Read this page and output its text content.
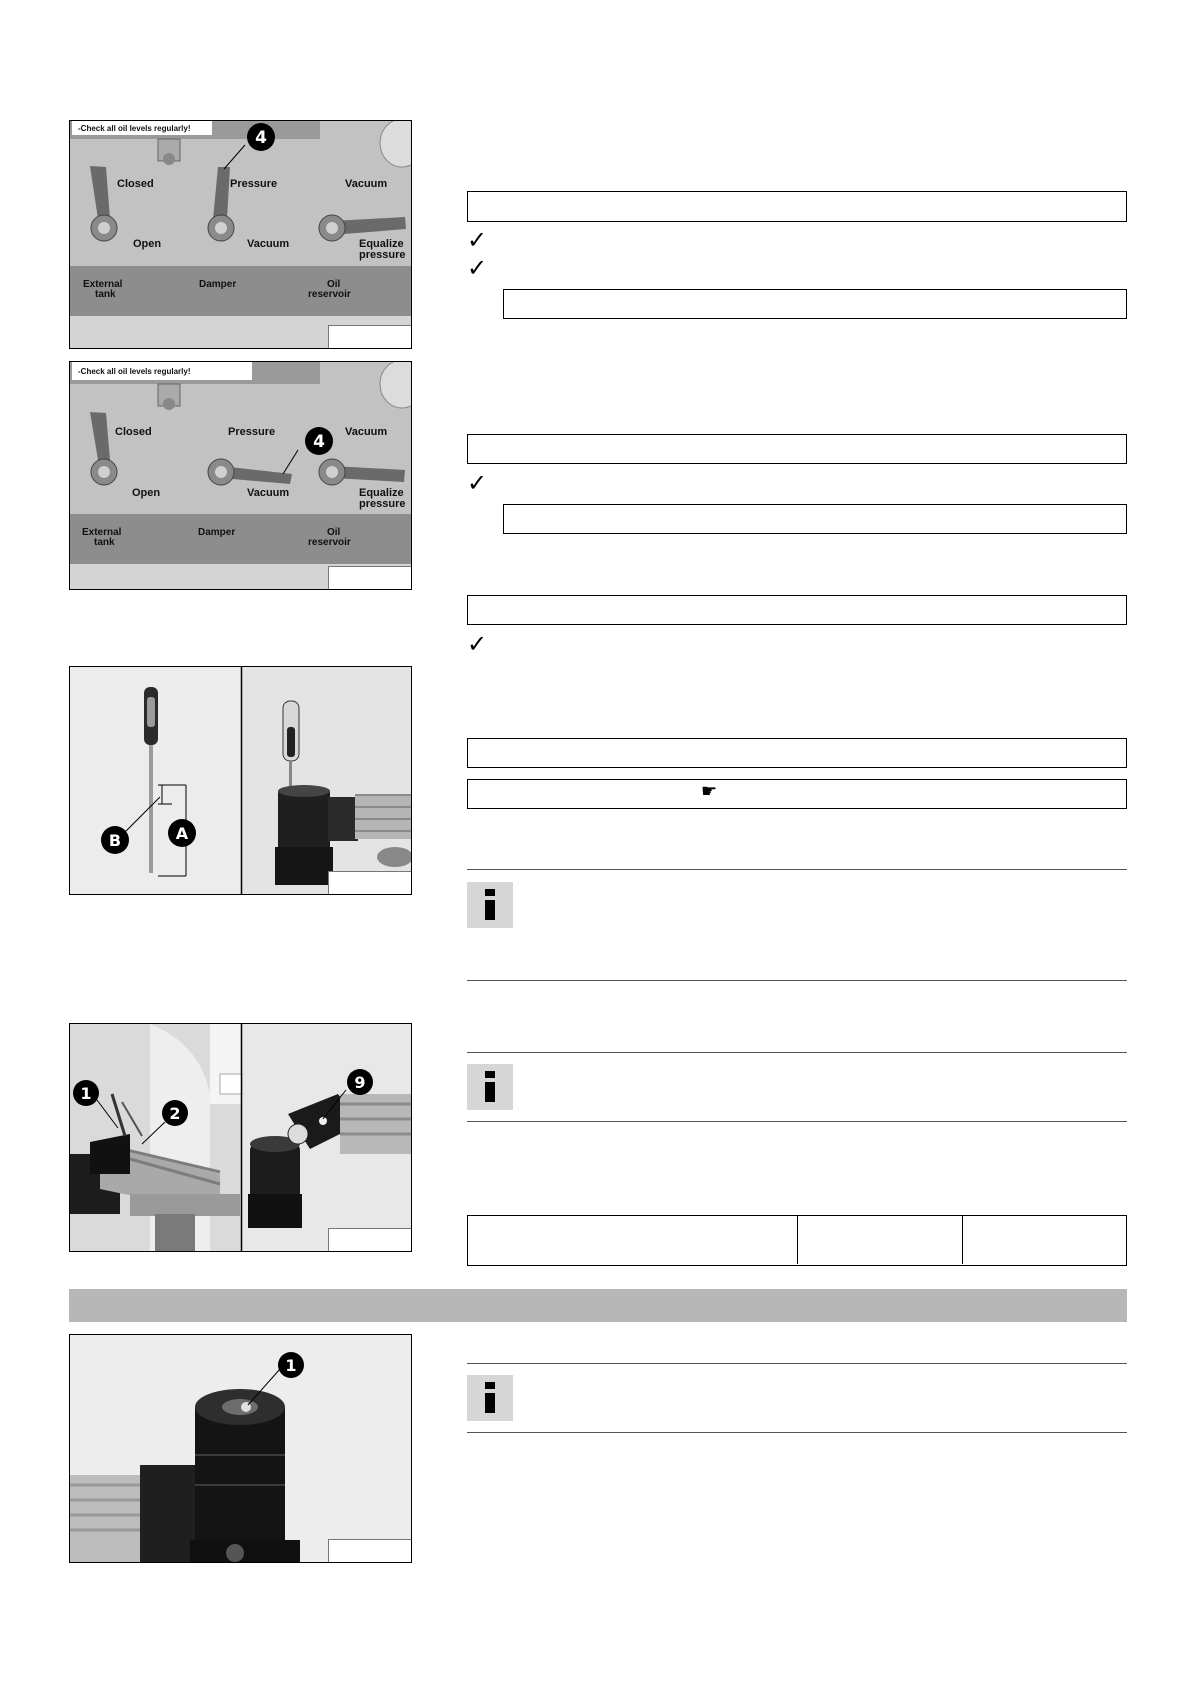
-Check all oil levels regularly!
Closed
Open
Pressure
Vacuum
Vacuum
Equalize
pressure
External
tank
Damper	Oil
reservoir
4
-Check all oil levels regularly!
Closed
Open
Pressure
Vacuum
Vacuum
Equalize
pressure
External
tank
Damper	Oil
reservoir
4
B	A
1
2
9
1
✓
✓
✓
✓
☛
